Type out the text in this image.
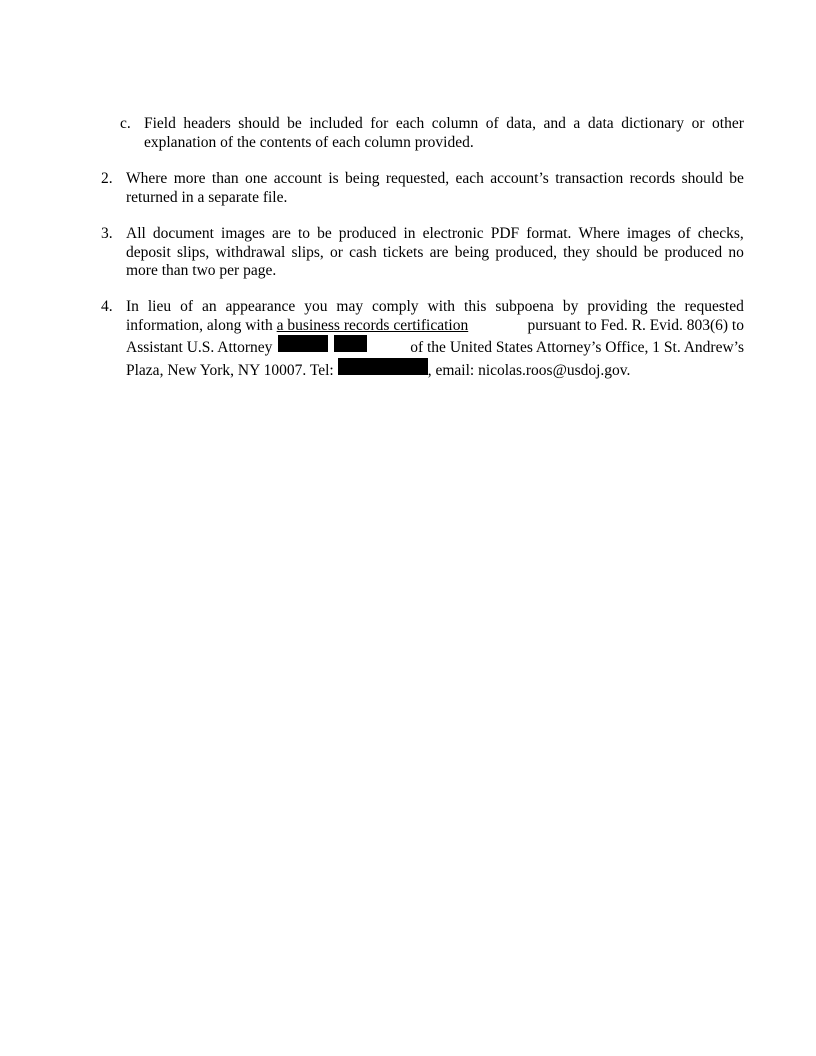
c. Field headers should be included for each column of data, and a data dictionary or other
explanation of the contents of each column provided.
2. Where more than one account is being requested, each account’s transaction records should be
returned in a separate file.
3. All document images are to be produced in electronic PDF format. Where images of checks,
deposit slips, withdrawal slips, or cash tickets are being produced, they should be produced no
more than two per page.
4. In lieu of an appearance you may comply with this subpoena by providing the requested
information, along with a business records certification	pursuant to Fed. R. Evid. 803(6) to
Assistant U.S. Attorney	of the United States Attorney’s Office, 1 St. Andrew’s
Plaza, New York, NY 10007. Tel:	, email: nicolas.roos@usdoj.gov.
